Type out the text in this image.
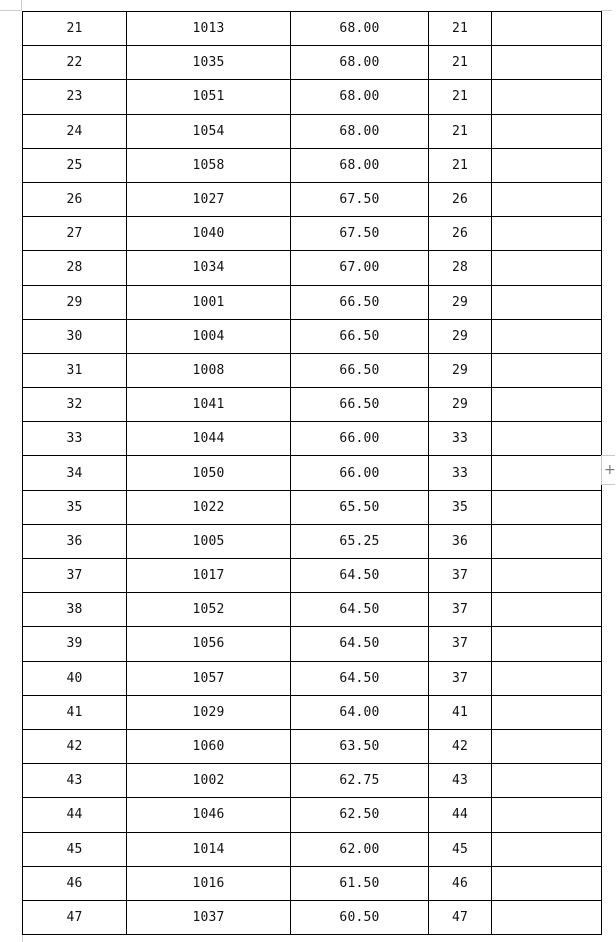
21	1013	68.00	21	
22	1035	68.00	21	
23	1051	68.00	21	
24	1054	68.00	21	
25	1058	68.00	21	
26	1027	67.50	26	
27	1040	67.50	26	
28	1034	67.00	28	
29	1001	66.50	29	
30	1004	66.50	29	
31	1008	66.50	29	
32	1041	66.50	29	
33	1044	66.00	33	
34	1050	66.00	33	
35	1022	65.50	35	
36	1005	65.25	36	
37	1017	64.50	37	
38	1052	64.50	37	
39	1056	64.50	37	
40	1057	64.50	37	
41	1029	64.00	41	
42	1060	63.50	42	
43	1002	62.75	43	
44	1046	62.50	44	
45	1014	62.00	45	
46	1016	61.50	46	
47	1037	60.50	47	
+
